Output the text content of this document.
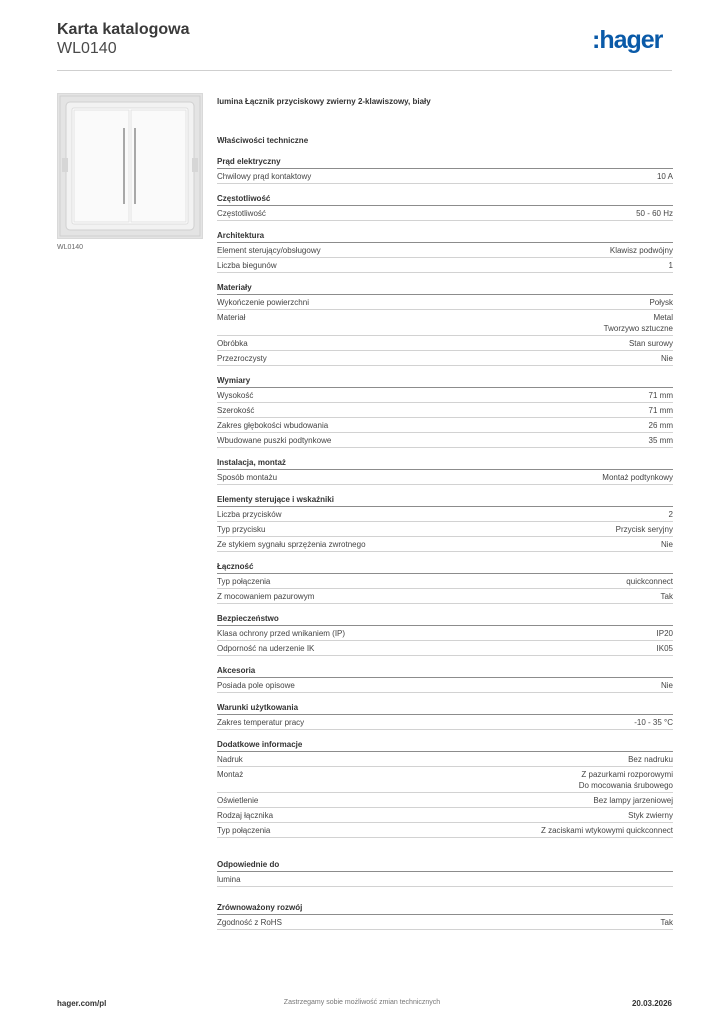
Karta katalogowa
WL0140	:hager
WL0140
lumina Łącznik przyciskowy zwierny 2-klawiszowy, biały
Właściwości techniczne
Prąd elektryczny
Chwilowy prąd kontaktowy	10 A
Częstotliwość
Częstotliwość	50 - 60 Hz
Architektura
Element sterujący/obsługowy	Klawisz podwójny
Liczba biegunów	1
Materiały
Wykończenie powierzchni	Połysk
Materiał	Metal
Tworzywo sztuczne
Obróbka	Stan surowy
Przezroczysty	Nie
Wymiary
Wysokość	71 mm
Szerokość	71 mm
Zakres głębokości wbudowania	26 mm
Wbudowane puszki podtynkowe	35 mm
Instalacja, montaż
Sposób montażu	Montaż podtynkowy
Elementy sterujące i wskaźniki
Liczba przycisków	2
Typ przycisku	Przycisk seryjny
Ze stykiem sygnału sprzężenia zwrotnego	Nie
Łączność
Typ połączenia	quickconnect
Z mocowaniem pazurowym	Tak
Bezpieczeństwo
Klasa ochrony przed wnikaniem (IP)	IP20
Odporność na uderzenie IK	IK05
Akcesoria
Posiada pole opisowe	Nie
Warunki użytkowania
Zakres temperatur pracy	-10 - 35 °C
Dodatkowe informacje
Nadruk	Bez nadruku
Montaż	Z pazurkami rozporowymi
Do mocowania śrubowego
Oświetlenie	Bez lampy jarzeniowej
Rodzaj łącznika	Styk zwierny
Typ połączenia	Z zaciskami wtykowymi quickconnect
Odpowiednie do
lumina
Zrównoważony rozwój
Zgodność z RoHS	Tak
hager.com/pl	Zastrzegamy sobie możliwość zmian technicznych	20.03.2026
